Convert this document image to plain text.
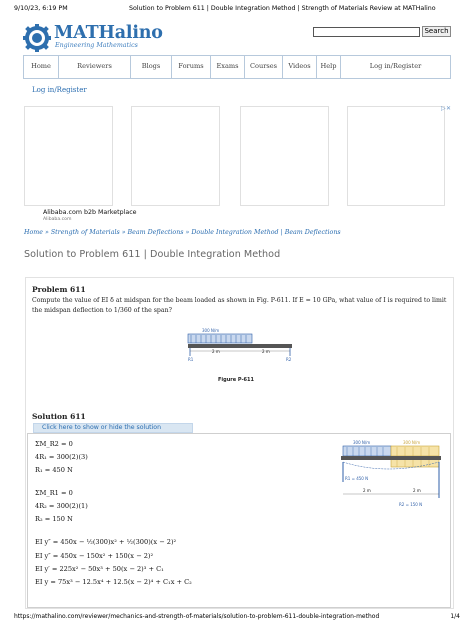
9/10/23, 6:19 PM	Solution to Problem 611 | Double Integration Method | Strength of Materials Review at MATHalino
MATHalino
Engineering Mathematics
Search
Home	Reviewers	Blogs	Forums	Exams	Courses	Videos	Help	Log in/Register
Log in/Register
▷ ✕
Alibaba.com b2b Marketplace
Alibaba.com
Home » Strength of Materials » Beam Deflections » Double Integration Method | Beam Deflections
Solution to Problem 611 | Double Integration Method
Problem 611
Compute the value of EI δ at midspan for the beam loaded as shown in Fig. P-611. If E = 10 GPa, what value of I is required to limit the midspan deflection to 1/360 of the span?
300 N/m
R1	R2
2 m	2 m
Figure P-611
Solution 611
Click here to show or hide the solution
ΣM_R2 = 0
4R₁ = 300(2)(3)
R₁ = 450 N
ΣM_R1 = 0
4R₂ = 300(2)(1)
R₂ = 150 N
EI y″ = 450x − ½(300)x² + ½(300)(x − 2)²
EI y″ = 450x − 150x² + 150(x − 2)²
EI y′ = 225x² − 50x³ + 50(x − 2)³ + C₁
EI y = 75x³ − 12.5x⁴ + 12.5(x − 2)⁴ + C₁x + C₂
300 N/m	300 N/m
R1 = 450 N
R2 = 150 N
2 m	2 m
https://mathalino.com/reviewer/mechanics-and-strength-of-materials/solution-to-problem-611-double-integration-method	1/4
